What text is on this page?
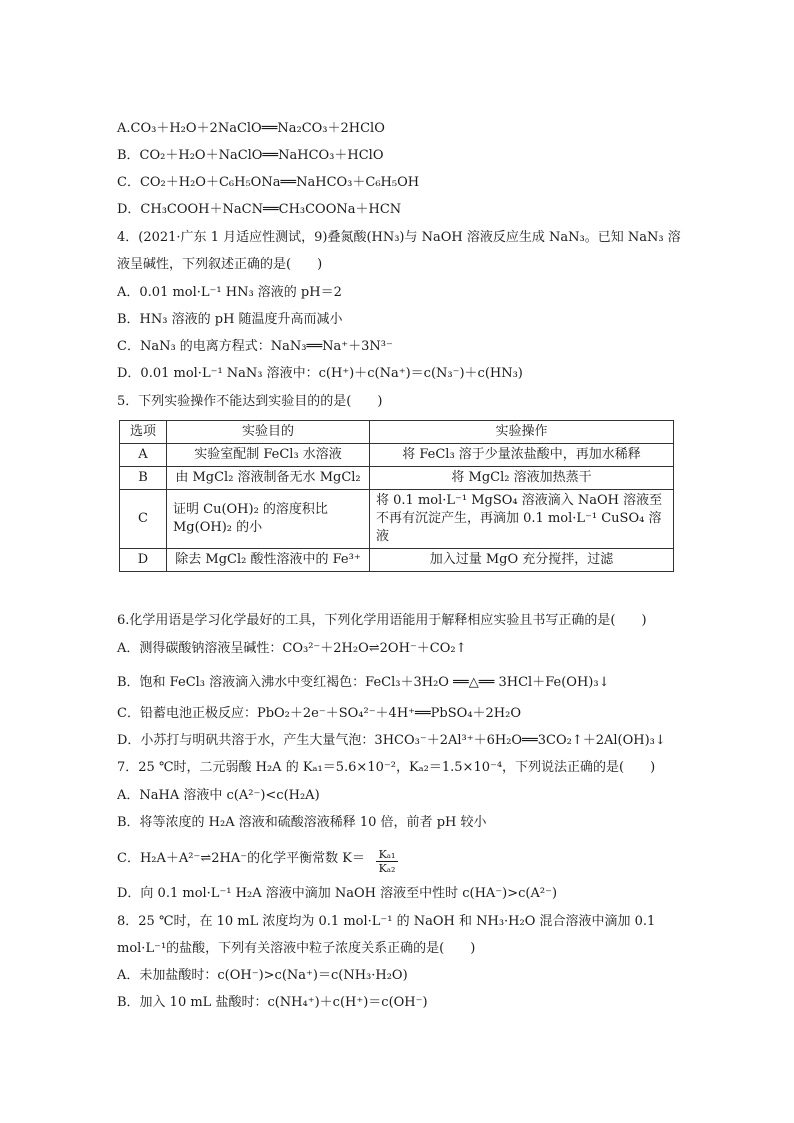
A.CO₃＋H₂O＋2NaClO══Na₂CO₃＋2HClO
B．CO₂＋H₂O＋NaClO══NaHCO₃＋HClO
C．CO₂＋H₂O＋C₆H₅ONa══NaHCO₃＋C₆H₅OH
D．CH₃COOH＋NaCN══CH₃COONa＋HCN
4．(2021·广东 1 月适应性测试，9)叠氮酸(HN₃)与 NaOH 溶液反应生成 NaN₃。已知 NaN₃ 溶
液呈碱性，下列叙述正确的是(　　)
A．0.01 mol·L⁻¹ HN₃ 溶液的 pH＝2
B．HN₃ 溶液的 pH 随温度升高而减小
C．NaN₃ 的电离方程式：NaN₃══Na⁺＋3N³⁻
D．0.01 mol·L⁻¹ NaN₃ 溶液中：c(H⁺)＋c(Na⁺)＝c(N₃⁻)＋c(HN₃)
5．下列实验操作不能达到实验目的的是(　　)
选项	实验目的	实验操作
A	实验室配制 FeCl₃ 水溶液	将 FeCl₃ 溶于少量浓盐酸中，再加水稀释
B	由 MgCl₂ 溶液制备无水 MgCl₂	将 MgCl₂ 溶液加热蒸干
C	证明 Cu(OH)₂ 的溶度积比 Mg(OH)₂ 的小	将 0.1 mol·L⁻¹ MgSO₄ 溶液滴入 NaOH 溶液至不再有沉淀产生，再滴加 0.1 mol·L⁻¹ CuSO₄ 溶液
D	除去 MgCl₂ 酸性溶液中的 Fe³⁺	加入过量 MgO 充分搅拌，过滤
6.化学用语是学习化学最好的工具，下列化学用语能用于解释相应实验且书写正确的是(　　)
A．测得碳酸钠溶液呈碱性：CO₃²⁻＋2H₂O⇌2OH⁻＋CO₂↑
B．饱和 FeCl₃ 溶液滴入沸水中变红褐色：FeCl₃＋3H₂O ══△══ 3HCl＋Fe(OH)₃↓
C．铅蓄电池正极反应：PbO₂＋2e⁻＋SO₄²⁻＋4H⁺══PbSO₄＋2H₂O
D．小苏打与明矾共溶于水，产生大量气泡：3HCO₃⁻＋2Al³⁺＋6H₂O══3CO₂↑＋2Al(OH)₃↓
7．25 ℃时，二元弱酸 H₂A 的 Kₐ₁＝5.6×10⁻²，Kₐ₂＝1.5×10⁻⁴，下列说法正确的是(　　)
A．NaHA 溶液中 c(A²⁻)<c(H₂A)
B．将等浓度的 H₂A 溶液和硫酸溶液稀释 10 倍，前者 pH 较小
C．H₂A＋A²⁻⇌2HA⁻的化学平衡常数 K＝ Kₐ₁
Kₐ₂
D．向 0.1 mol·L⁻¹ H₂A 溶液中滴加 NaOH 溶液至中性时 c(HA⁻)>c(A²⁻)
8．25 ℃时，在 10 mL 浓度均为 0.1 mol·L⁻¹ 的 NaOH 和 NH₃·H₂O 混合溶液中滴加 0.1
mol·L⁻¹的盐酸，下列有关溶液中粒子浓度关系正确的是(　　)
A．未加盐酸时：c(OH⁻)>c(Na⁺)＝c(NH₃·H₂O)
B．加入 10 mL 盐酸时：c(NH₄⁺)＋c(H⁺)＝c(OH⁻)
